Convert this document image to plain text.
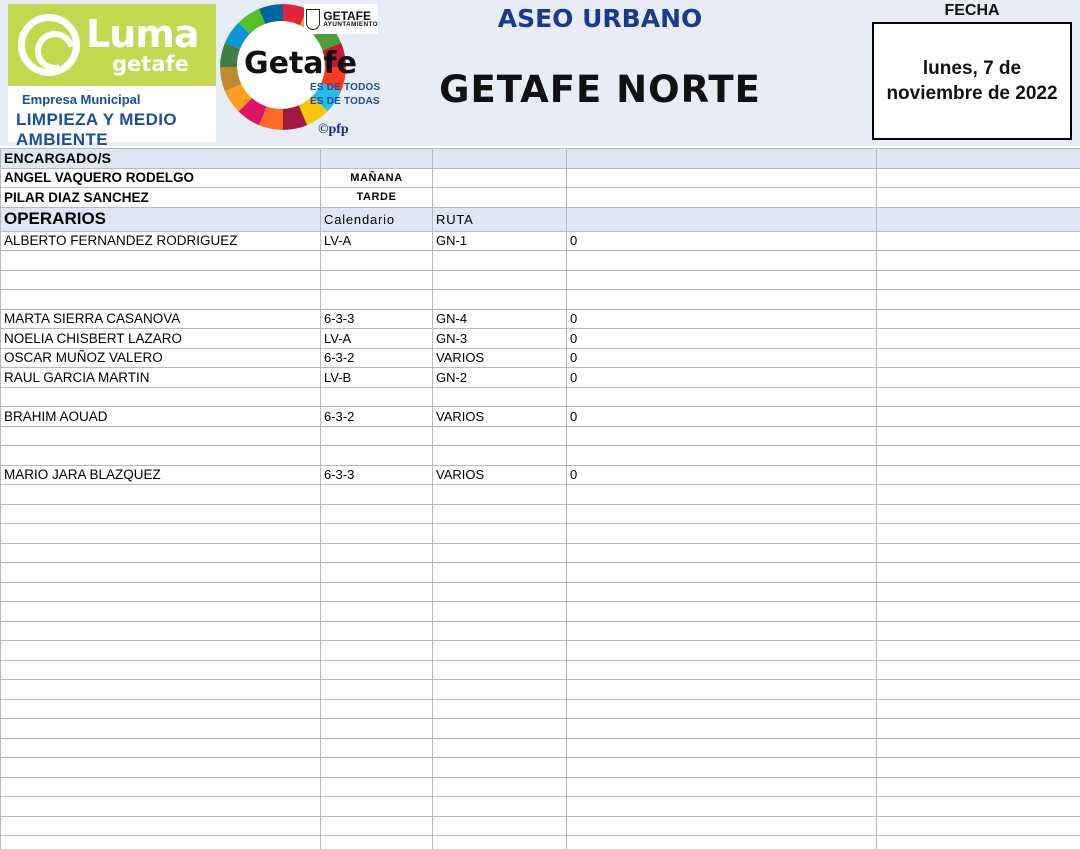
Luma
getafe
Empresa Municipal
LIMPIEZA Y MEDIO AMBIENTE
Getafe
GETAFE
AYUNTAMIENTO
ES DE TODOS
ES DE TODAS
©pfp
ASEO URBANO
GETAFE NORTE
FECHA
lunes, 7 de noviembre de 2022
ENCARGADO/S				
ANGEL VAQUERO RODELGO	MAÑANA			
PILAR DIAZ SANCHEZ	TARDE			
OPERARIOS	Calendario	RUTA		
ALBERTO FERNANDEZ RODRIGUEZ	LV-A	GN-1	0	

MARTA SIERRA CASANOVA	6-3-3	GN-4	0	
NOELIA CHISBERT LAZARO	LV-A	GN-3	0	
OSCAR MUÑOZ VALERO	6-3-2	VARIOS	0	
RAUL GARCIA MARTIN	LV-B	GN-2	0	

BRAHIM AOUAD	6-3-2	VARIOS	0	

MARIO JARA BLAZQUEZ	6-3-3	VARIOS	0	
